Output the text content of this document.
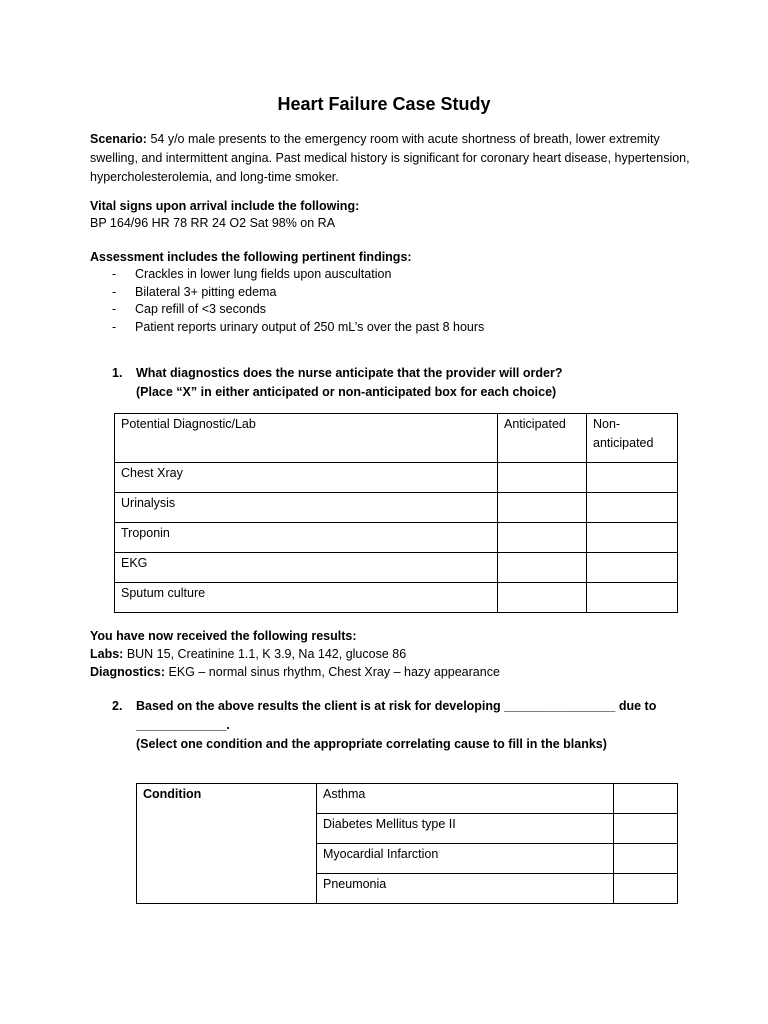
Heart Failure Case Study
Scenario: 54 y/o male presents to the emergency room with acute shortness of breath, lower extremity swelling, and intermittent angina. Past medical history is significant for coronary heart disease, hypertension, hypercholesterolemia, and long-time smoker.
Vital signs upon arrival include the following:
BP 164/96 HR 78 RR 24 O2 Sat 98% on RA
Assessment includes the following pertinent findings:
- Crackles in lower lung fields upon auscultation
- Bilateral 3+ pitting edema
- Cap refill of <3 seconds
- Patient reports urinary output of 250 mL’s over the past 8 hours
1. What diagnostics does the nurse anticipate that the provider will order?
(Place “X” in either anticipated or non-anticipated box for each choice)
Potential Diagnostic/Lab	Anticipated	Non-anticipated
Chest Xray		
Urinalysis		
Troponin		
EKG		
Sputum culture		
You have now received the following results:
Labs: BUN 15, Creatinine 1.1, K 3.9, Na 142, glucose 86
Diagnostics: EKG – normal sinus rhythm, Chest Xray – hazy appearance
2. Based on the above results the client is at risk for developing ________________ due to
_____________.
(Select one condition and the appropriate correlating cause to fill in the blanks)
Condition	Asthma	
	Diabetes Mellitus type II	
	Myocardial Infarction	
	Pneumonia	
